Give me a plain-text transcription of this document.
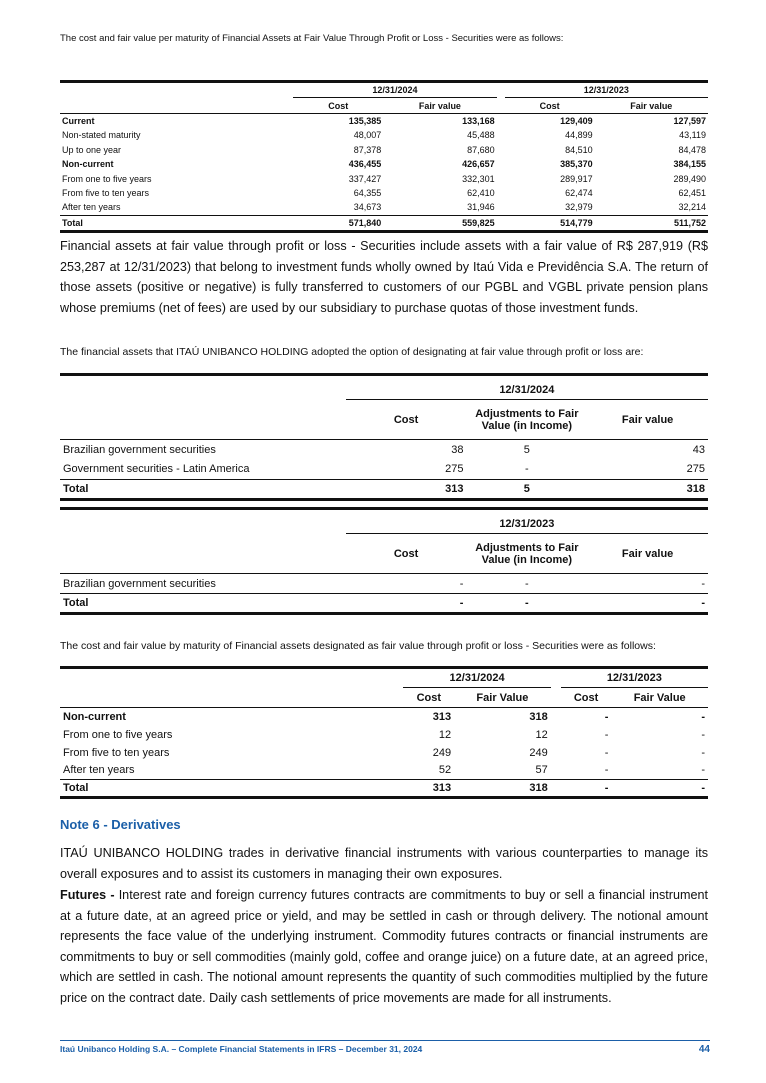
The cost and fair value per maturity of Financial Assets at Fair Value Through Profit or Loss - Securities were as follows:
	12/31/2024			12/31/2023	
	Cost	Fair value		Cost	Fair value
Current	135,385	133,168		129,409	127,597
Non-stated maturity	48,007	45,488		44,899	43,119
Up to one year	87,378	87,680		84,510	84,478
Non-current	436,455	426,657		385,370	384,155
From one to five years	337,427	332,301		289,917	289,490
From five to ten years	64,355	62,410		62,474	62,451
After ten years	34,673	31,946		32,979	32,214
Total	571,840	559,825		514,779	511,752
Financial assets at fair value through profit or loss - Securities include assets with a fair value of R$ 287,919 (R$ 253,287 at 12/31/2023) that belong to investment funds wholly owned by Itaú Vida e Previdência S.A. The return of those assets (positive or negative) is fully transferred to customers of our PGBL and VGBL private pension plans whose premiums (net of fees) are used by our subsidiary to purchase quotas of those investment funds.
The financial assets that ITAÚ UNIBANCO HOLDING adopted the option of designating at fair value through profit or loss are:
	12/31/2024		
	Cost	Adjustments to Fair Value (in Income)	Fair value
Brazilian government securities	38	5	43
Government securities - Latin America	275	-	275
Total	313	5	318
	12/31/2023		
	Cost	Adjustments to Fair Value (in Income)	Fair value
Brazilian government securities	-	-	-
Total	-	-	-
The cost and fair value by maturity of Financial assets designated as fair value through profit or loss - Securities were as follows:
	12/31/2024			12/31/2023	
	Cost	Fair Value		Cost	Fair Value
Non-current	313	318		-	-
From one to five years	12	12		-	-
From five to ten years	249	249		-	-
After ten years	52	57		-	-
Total	313	318		-	-
Note 6 - Derivatives
ITAÚ UNIBANCO HOLDING trades in derivative financial instruments with various counterparties to manage its overall exposures and to assist its customers in managing their own exposures.
Futures - Interest rate and foreign currency futures contracts are commitments to buy or sell a financial instrument at a future date, at an agreed price or yield, and may be settled in cash or through delivery. The notional amount represents the face value of the underlying instrument. Commodity futures contracts or financial instruments are commitments to buy or sell commodities (mainly gold, coffee and orange juice) on a future date, at an agreed price, which are settled in cash. The notional amount represents the quantity of such commodities multiplied by the future price on the contract date. Daily cash settlements of price movements are made for all instruments.
Itaú Unibanco Holding S.A. – Complete Financial Statements in IFRS – December 31, 2024	44
